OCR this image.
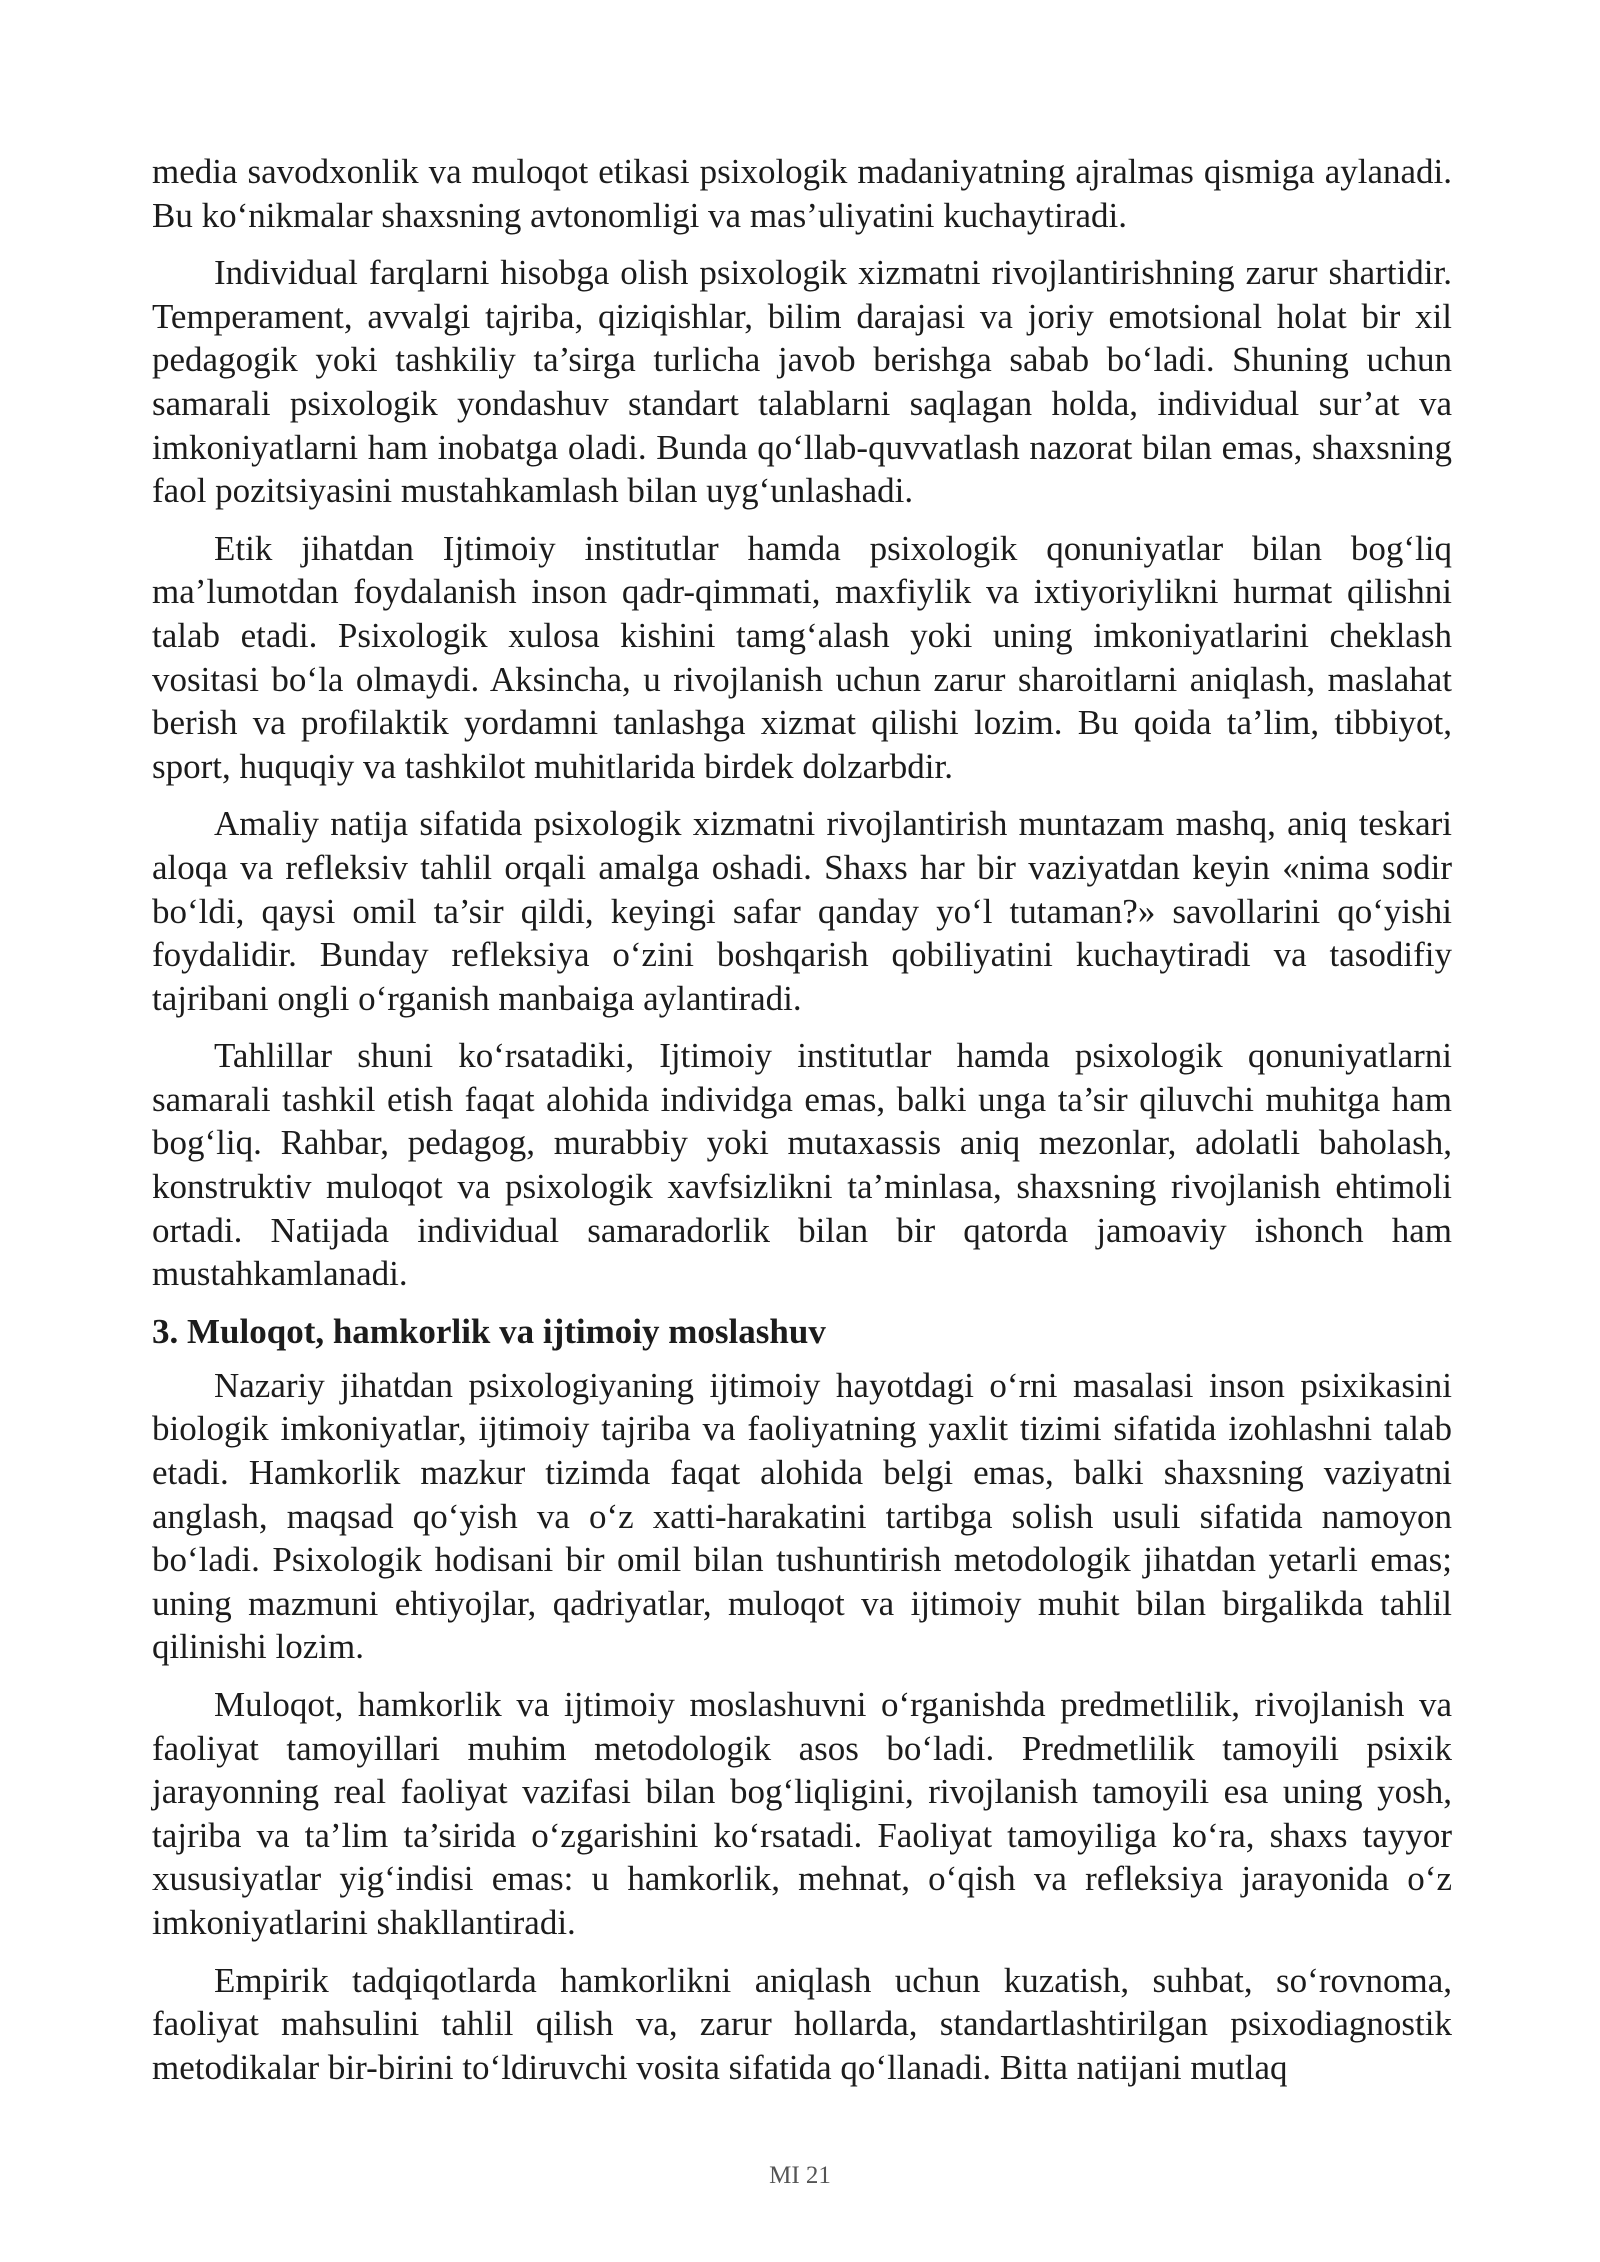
media savodxonlik va muloqot etikasi psixologik madaniyatning ajralmas qismiga aylanadi. Bu ko‘nikmalar shaxsning avtonomligi va mas’uliyatini kuchaytiradi.

Individual farqlarni hisobga olish psixologik xizmatni rivojlantirishning zarur shartidir. Temperament, avvalgi tajriba, qiziqishlar, bilim darajasi va joriy emotsional holat bir xil pedagogik yoki tashkiliy ta’sirga turlicha javob berishga sabab bo‘ladi. Shuning uchun samarali psixologik yondashuv standart talablarni saqlagan holda, individual sur’at va imkoniyatlarni ham inobatga oladi. Bunda qo‘llab-quvvatlash nazorat bilan emas, shaxsning faol pozitsiyasini mustahkamlash bilan uyg‘unlashadi.

Etik jihatdan Ijtimoiy institutlar hamda psixologik qonuniyatlar bilan bog‘liq ma’lumotdan foydalanish inson qadr-qimmati, maxfiylik va ixtiyoriylikni hurmat qilishni talab etadi. Psixologik xulosa kishini tamg‘alash yoki uning imkoniyatlarini cheklash vositasi bo‘la olmaydi. Aksincha, u rivojlanish uchun zarur sharoitlarni aniqlash, maslahat berish va profilaktik yordamni tanlashga xizmat qilishi lozim. Bu qoida ta’lim, tibbiyot, sport, huquqiy va tashkilot muhitlarida birdek dolzarbdir.

Amaliy natija sifatida psixologik xizmatni rivojlantirish muntazam mashq, aniq teskari aloqa va refleksiv tahlil orqali amalga oshadi. Shaxs har bir vaziyatdan keyin «nima sodir bo‘ldi, qaysi omil ta’sir qildi, keyingi safar qanday yo‘l tutaman?» savollarini qo‘yishi foydalidir. Bunday refleksiya o‘zini boshqarish qobiliyatini kuchaytiradi va tasodifiy tajribani ongli o‘rganish manbaiga aylantiradi.

Tahlillar shuni ko‘rsatadiki, Ijtimoiy institutlar hamda psixologik qonuniyatlarni samarali tashkil etish faqat alohida individga emas, balki unga ta’sir qiluvchi muhitga ham bog‘liq. Rahbar, pedagog, murabbiy yoki mutaxassis aniq mezonlar, adolatli baholash, konstruktiv muloqot va psixologik xavfsizlikni ta’minlasa, shaxsning rivojlanish ehtimoli ortadi. Natijada individual samaradorlik bilan bir qatorda jamoaviy ishonch ham mustahkamlanadi.

3. Muloqot, hamkorlik va ijtimoiy moslashuv

Nazariy jihatdan psixologiyaning ijtimoiy hayotdagi o‘rni masalasi inson psixikasini biologik imkoniyatlar, ijtimoiy tajriba va faoliyatning yaxlit tizimi sifatida izohlashni talab etadi. Hamkorlik mazkur tizimda faqat alohida belgi emas, balki shaxsning vaziyatni anglash, maqsad qo‘yish va o‘z xatti-harakatini tartibga solish usuli sifatida namoyon bo‘ladi. Psixologik hodisani bir omil bilan tushuntirish metodologik jihatdan yetarli emas; uning mazmuni ehtiyojlar, qadriyatlar, muloqot va ijtimoiy muhit bilan birgalikda tahlil qilinishi lozim.

Muloqot, hamkorlik va ijtimoiy moslashuvni o‘rganishda predmetlilik, rivojlanish va faoliyat tamoyillari muhim metodologik asos bo‘ladi. Predmetlilik tamoyili psixik jarayonning real faoliyat vazifasi bilan bog‘liqligini, rivojlanish tamoyili esa uning yosh, tajriba va ta’lim ta’sirida o‘zgarishini ko‘rsatadi. Faoliyat tamoyiliga ko‘ra, shaxs tayyor xususiyatlar yig‘indisi emas: u hamkorlik, mehnat, o‘qish va refleksiya jarayonida o‘z imkoniyatlarini shakllantiradi.

Empirik tadqiqotlarda hamkorlikni aniqlash uchun kuzatish, suhbat, so‘rovnoma, faoliyat mahsulini tahlil qilish va, zarur hollarda, standartlashtirilgan psixodiagnostik metodikalar bir-birini to‘ldiruvchi vosita sifatida qo‘llanadi. Bitta natijani mutlaq

MI 21
